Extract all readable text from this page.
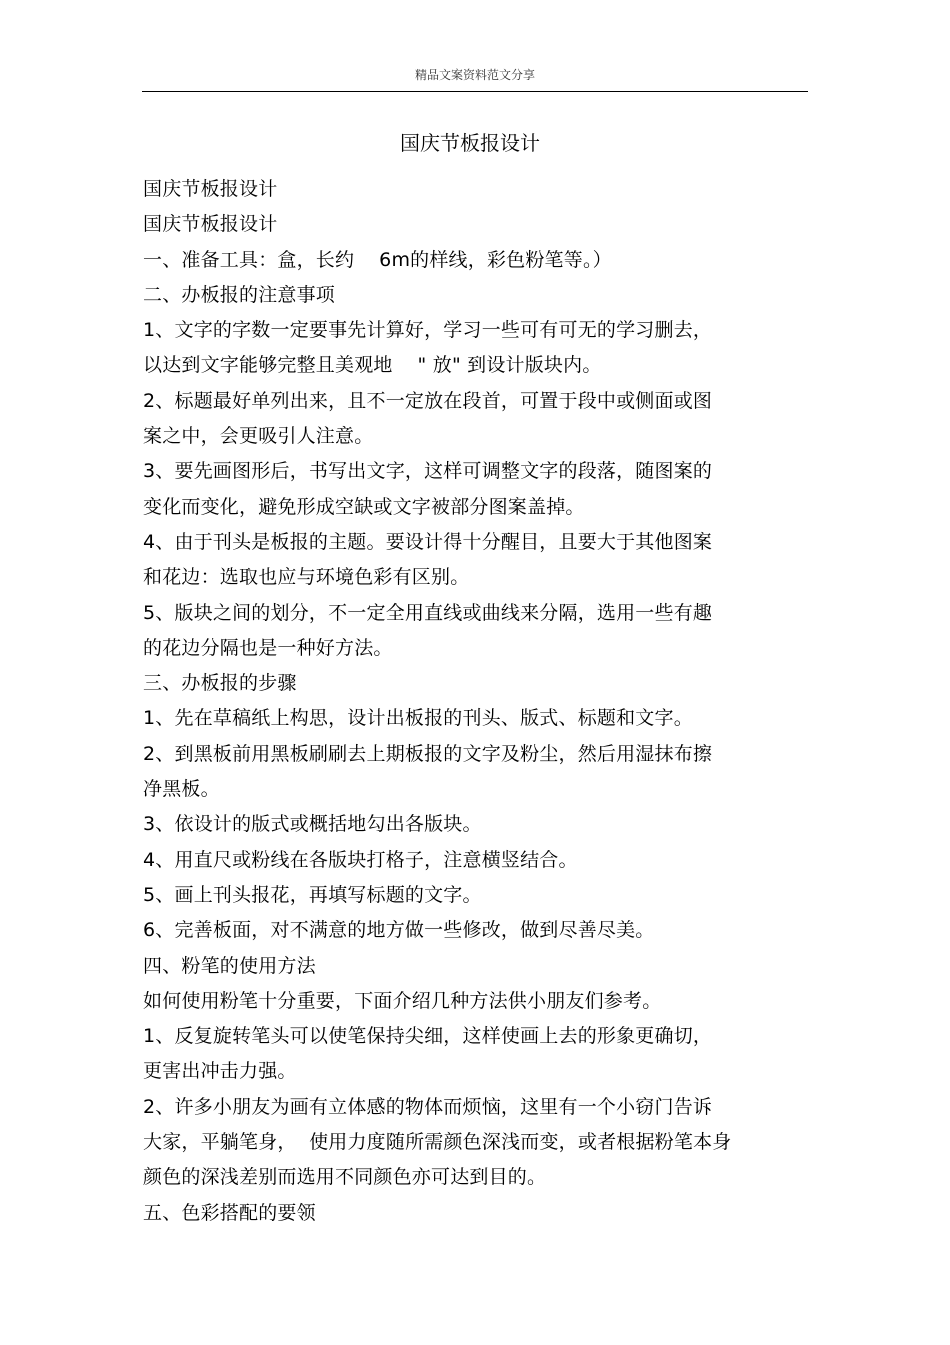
精品文案资料范文分享
国庆节板报设计
国庆节板报设计
国庆节板报设计
一、准备工具：盒，长约    6m的样线，彩色粉笔等。）
二、办板报的注意事项
1、文字的字数一定要事先计算好，学习一些可有可无的学习删去，
以达到文字能够完整且美观地    " 放" 到设计版块内。
2、标题最好单列出来，且不一定放在段首，可置于段中或侧面或图
案之中，会更吸引人注意。
3、要先画图形后，书写出文字，这样可调整文字的段落，随图案的
变化而变化，避免形成空缺或文字被部分图案盖掉。
4、由于刊头是板报的主题。要设计得十分醒目，且要大于其他图案
和花边：选取也应与环境色彩有区别。
5、版块之间的划分，不一定全用直线或曲线来分隔，选用一些有趣
的花边分隔也是一种好方法。
三、办板报的步骤
1、先在草稿纸上构思，设计出板报的刊头、版式、标题和文字。
2、到黑板前用黑板刷刷去上期板报的文字及粉尘，然后用湿抹布擦
净黑板。
3、依设计的版式或概括地勾出各版块。
4、用直尺或粉线在各版块打格子，注意横竖结合。
5、画上刊头报花，再填写标题的文字。
6、完善板面，对不满意的地方做一些修改，做到尽善尽美。
四、粉笔的使用方法
如何使用粉笔十分重要，下面介绍几种方法供小朋友们参考。
1、反复旋转笔头可以使笔保持尖细，这样使画上去的形象更确切，
更害出冲击力强。
2、许多小朋友为画有立体感的物体而烦恼，这里有一个小窃门告诉
大家，平躺笔身，  使用力度随所需颜色深浅而变，或者根据粉笔本身
颜色的深浅差别而选用不同颜色亦可达到目的。
五、色彩搭配的要领
